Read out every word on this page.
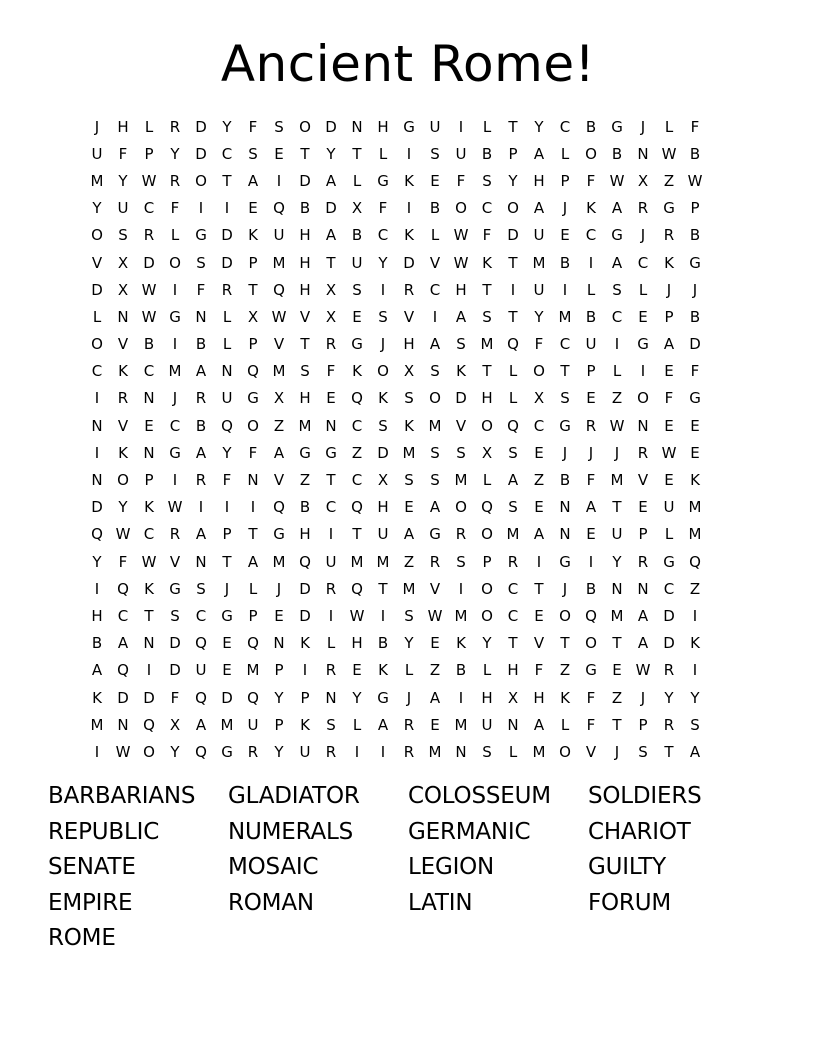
Ancient Rome!
J	H	L	R	D	Y	F	S	O D N H G U	I	L	T	Y	C	B	G	J	L	F
U	F	P	Y	D C	S	E	T	Y	T	L	I	S	U	B	P	A	L	O B	N W B
M Y W R O	T	A	I	D	A	L	G	K	E	F	S	Y	H	P	F W X	Z W
Y	U	C	F	I	I	E	Q B	D	X	F	I	B O C O A	J	K	A	R G	P
O	S	R	L	G D	K	U H	A	B	C	K	L W F	D U	E	C G	J	R	B
V	X	D O	S	D	P	M H	T	U	Y	D	V W K	T M B	I	A	C	K	G
D	X W	I	F	R	T	Q H	X	S	I	R	C	H	T	I	U	I	L	S	L	J	J
L	N W G N	L	X W V	X	E	S	V	I	A	S	T	Y M B	C	E	P	B
O V	B	I	B	L	P	V	T	R G	J	H	A	S M Q	F	C	U	I	G	A	D
C	K	C M A	N Q M S	F	K	O X	S	K	T	L	O	T	P	L	I	E	F
I	R	N	J	R	U G	X	H	E	Q	K	S	O D H	L	X	S	E	Z O	F	G
N	V	E	C	B Q O Z M N	C	S	K M V O Q C G R W N	E	E
I	K	N G	A	Y	F	A	G G	Z	D M S	S	X	S	E	J	J	J	R W E
N O	P	I	R	F	N	V	Z	T	C	X	S	S M	L	A	Z	B	F	M V	E	K
D	Y	K W	I	I	I	Q B	C Q H	E	A O Q	S	E	N	A	T	E	U M
Q W C	R	A	P	T	G H	I	T	U	A	G R O M A	N	E	U	P	L	M
Y	F W V	N	T	A M Q U M M Z	R	S	P	R	I	G	I	Y	R G Q
I	Q	K	G	S	J	L	J	D	R Q	T M V	I	O C	T	J	B	N N	C	Z
H	C	T	S	C G	P	E	D	I	W	I	S W M O C	E	O Q M A	D	I
B	A	N D Q	E	Q N	K	L	H	B	Y	E	K	Y	T	V	T	O	T	A	D	K
A Q	I	D U	E M	P	I	R	E	K	L	Z	B	L	H	F	Z	G	E W R	I
K	D D	F	Q D Q	Y	P	N	Y	G	J	A	I	H	X	H	K	F	Z	J	Y	Y
M N Q X	A M U	P	K	S	L	A	R	E M U N	A	L	F	T	P	R	S
I	W O	Y	Q G R	Y	U	R	I	I	R M N	S	L	M O V	J	S	T	A
BARBARIANS	GLADIATOR	COLOSSEUM	SOLDIERS
REPUBLIC	NUMERALS	GERMANIC	CHARIOT
SENATE	MOSAIC	LEGION	GUILTY
EMPIRE	ROMAN	LATIN	FORUM
ROME
